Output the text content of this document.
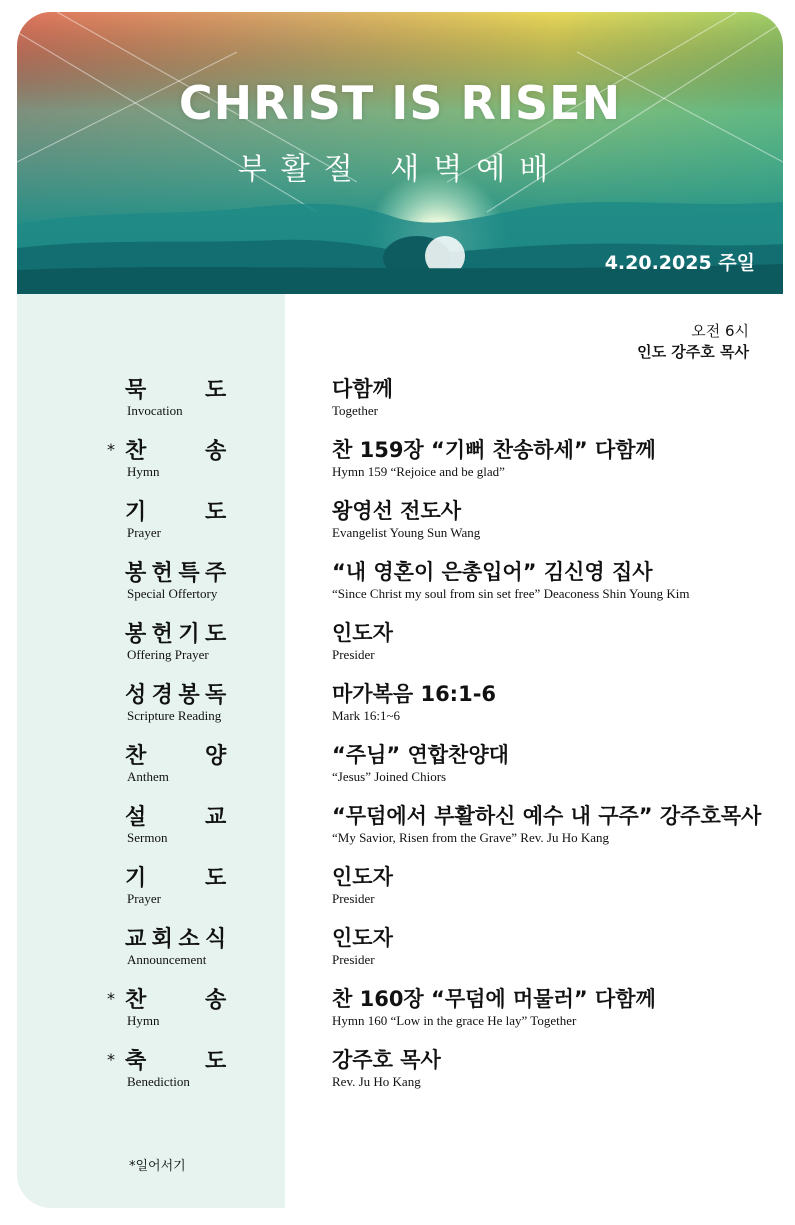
CHRIST IS RISEN
부활절 새벽예배
4.20.2025 주일
오전 6시
인도 강주호 목사
묵	도
Invocation
다함께
Together
* 찬	송
Hymn
찬 159장 “기뻐 찬송하세” 다함께
Hymn 159 “Rejoice and be glad”
기	도
Prayer
왕영선 전도사
Evangelist Young Sun Wang
봉 헌 특 주
Special Offertory
“내 영혼이 은총입어” 김신영 집사
“Since Christ my soul from sin set free” Deaconess Shin Young Kim
봉 헌 기 도
Offering Prayer
인도자
Presider
성 경 봉 독
Scripture Reading
마가복음 16:1-6
Mark 16:1~6
찬	양
Anthem
“주님” 연합찬양대
“Jesus” Joined Chiors
설	교
Sermon
“무덤에서 부활하신 예수 내 구주” 강주호목사
“My Savior, Risen from the Grave” Rev. Ju Ho Kang
기	도
Prayer
인도자
Presider
교 회 소 식
Announcement
인도자
Presider
* 찬	송
Hymn
찬 160장 “무덤에 머물러” 다함께
Hymn 160 “Low in the grace He lay” Together
* 축	도
Benediction
강주호 목사
Rev. Ju Ho Kang
*일어서기
